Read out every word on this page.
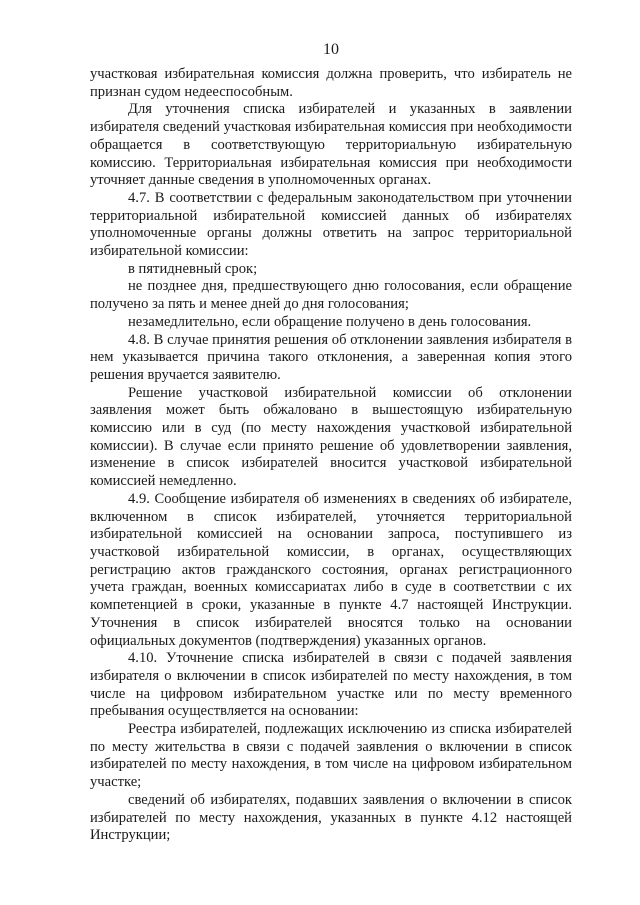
10

участковая избирательная комиссия должна проверить, что избиратель не признан судом недееспособным.

Для уточнения списка избирателей и указанных в заявлении избирателя сведений участковая избирательная комиссия при необходимости обращается в соответствующую территориальную избирательную комиссию. Территориальная избирательная комиссия при необходимости уточняет данные сведения в уполномоченных органах.

4.7. В соответствии с федеральным законодательством при уточнении территориальной избирательной комиссией данных об избирателях уполномоченные органы должны ответить на запрос территориальной избирательной комиссии:

в пятидневный срок;

не позднее дня, предшествующего дню голосования, если обращение получено за пять и менее дней до дня голосования;

незамедлительно, если обращение получено в день голосования.

4.8. В случае принятия решения об отклонении заявления избирателя в нем указывается причина такого отклонения, а заверенная копия этого решения вручается заявителю.

Решение участковой избирательной комиссии об отклонении заявления может быть обжаловано в вышестоящую избирательную комиссию или в суд (по месту нахождения участковой избирательной комиссии). В случае если принято решение об удовлетворении заявления, изменение в список избирателей вносится участковой избирательной комиссией немедленно.

4.9. Сообщение избирателя об изменениях в сведениях об избирателе, включенном в список избирателей, уточняется территориальной избирательной комиссией на основании запроса, поступившего из участковой избирательной комиссии, в органах, осуществляющих регистрацию актов гражданского состояния, органах регистрационного учета граждан, военных комиссариатах либо в суде в соответствии с их компетенцией в сроки, указанные в пункте 4.7 настоящей Инструкции. Уточнения в список избирателей вносятся только на основании официальных документов (подтверждения) указанных органов.

4.10. Уточнение списка избирателей в связи с подачей заявления избирателя о включении в список избирателей по месту нахождения, в том числе на цифровом избирательном участке или по месту временного пребывания осуществляется на основании:

Реестра избирателей, подлежащих исключению из списка избирателей по месту жительства в связи с подачей заявления о включении в список избирателей по месту нахождения, в том числе на цифровом избирательном участке;

сведений об избирателях, подавших заявления о включении в список избирателей по месту нахождения, указанных в пункте 4.12 настоящей Инструкции;
